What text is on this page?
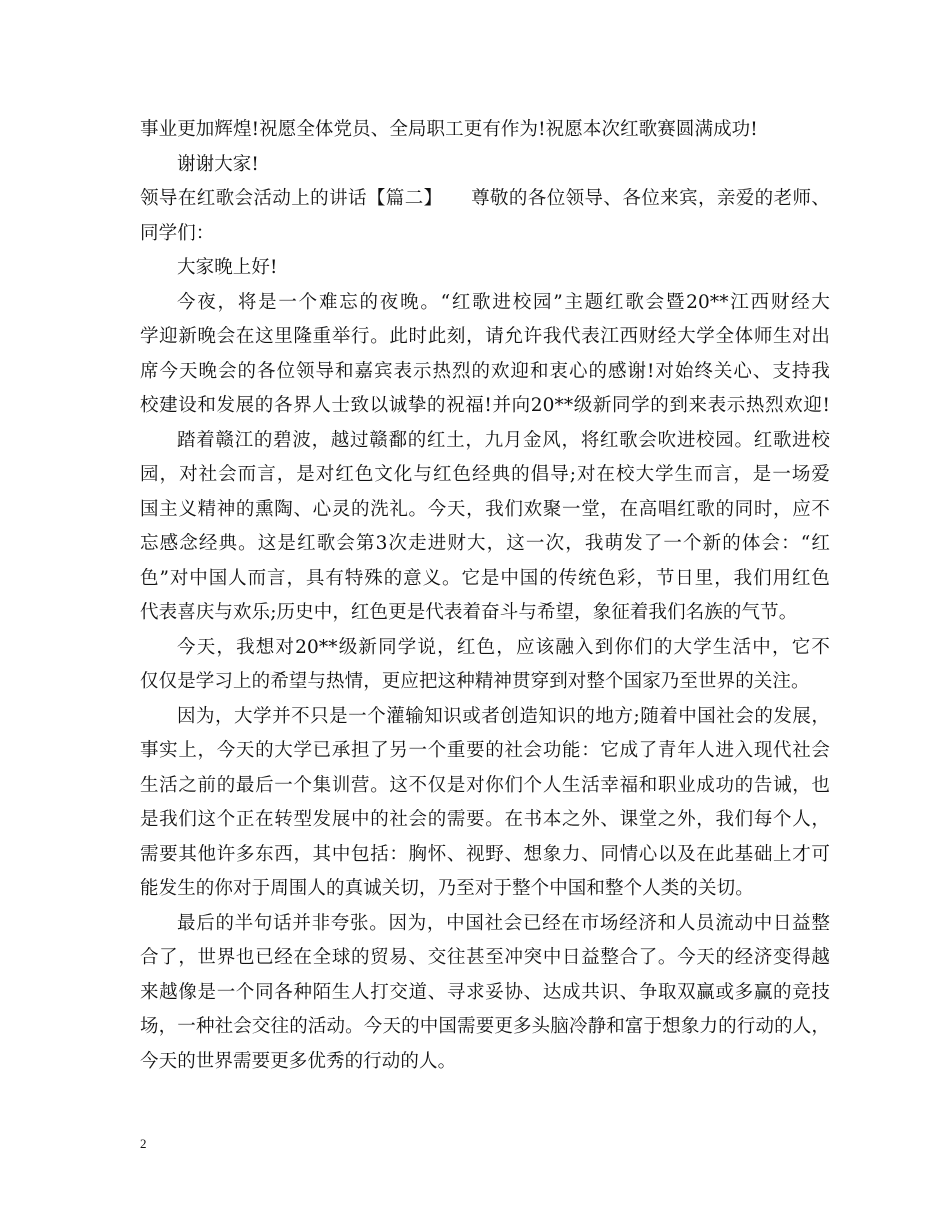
事业更加辉煌!祝愿全体党员、全局职工更有作为!祝愿本次红歌赛圆满成功!
谢谢大家!
领导在红歌会活动上的讲话【篇二】　　尊敬的各位领导、各位来宾，亲爱的老师、
同学们：
大家晚上好!
今夜，将是一个难忘的夜晚。“红歌进校园”主题红歌会暨20**江西财经大
学迎新晚会在这里隆重举行。此时此刻，请允许我代表江西财经大学全体师生对出
席今天晚会的各位领导和嘉宾表示热烈的欢迎和衷心的感谢!对始终关心、支持我
校建设和发展的各界人士致以诚挚的祝福!并向20**级新同学的到来表示热烈欢迎!
踏着赣江的碧波，越过赣鄱的红土，九月金风，将红歌会吹进校园。红歌进校
园，对社会而言，是对红色文化与红色经典的倡导;对在校大学生而言，是一场爱
国主义精神的熏陶、心灵的洗礼。今天，我们欢聚一堂，在高唱红歌的同时，应不
忘感念经典。这是红歌会第3次走进财大，这一次，我萌发了一个新的体会：“红
色”对中国人而言，具有特殊的意义。它是中国的传统色彩，节日里，我们用红色
代表喜庆与欢乐;历史中，红色更是代表着奋斗与希望，象征着我们名族的气节。
今天，我想对20**级新同学说，红色，应该融入到你们的大学生活中，它不
仅仅是学习上的希望与热情，更应把这种精神贯穿到对整个国家乃至世界的关注。
因为，大学并不只是一个灌输知识或者创造知识的地方;随着中国社会的发展，
事实上，今天的大学已承担了另一个重要的社会功能：它成了青年人进入现代社会
生活之前的最后一个集训营。这不仅是对你们个人生活幸福和职业成功的告诫，也
是我们这个正在转型发展中的社会的需要。在书本之外、课堂之外，我们每个人，
需要其他许多东西，其中包括：胸怀、视野、想象力、同情心以及在此基础上才可
能发生的你对于周围人的真诚关切，乃至对于整个中国和整个人类的关切。
最后的半句话并非夸张。因为，中国社会已经在市场经济和人员流动中日益整
合了，世界也已经在全球的贸易、交往甚至冲突中日益整合了。今天的经济变得越
来越像是一个同各种陌生人打交道、寻求妥协、达成共识、争取双赢或多赢的竞技
场，一种社会交往的活动。今天的中国需要更多头脑冷静和富于想象力的行动的人，
今天的世界需要更多优秀的行动的人。
2
